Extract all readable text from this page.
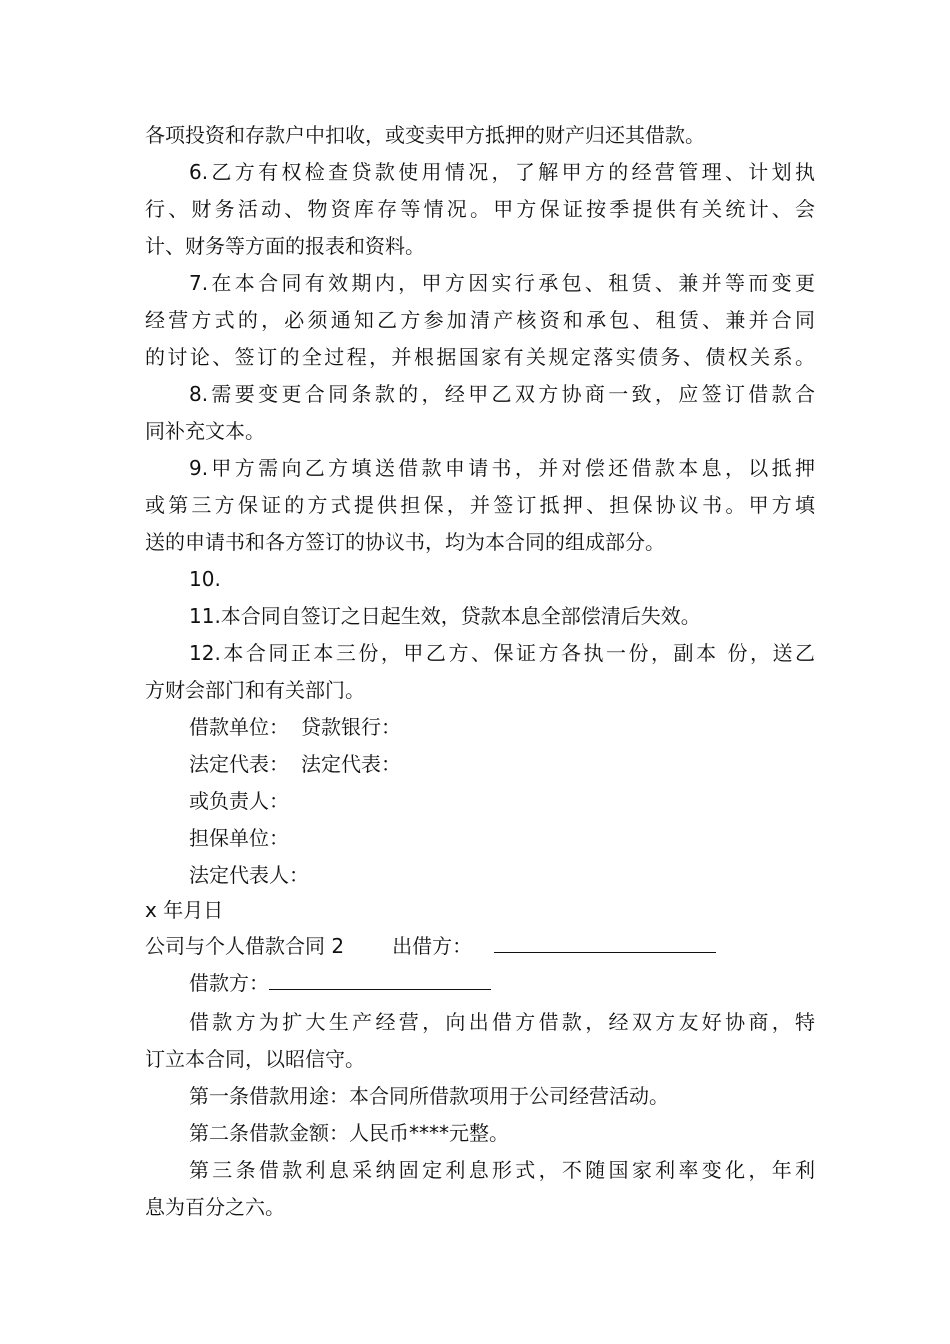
各项投资和存款户中扣收，或变卖甲方抵押的财产归还其借款。
6.乙方有权检查贷款使用情况，了解甲方的经营管理、计划执
行、财务活动、物资库存等情况。甲方保证按季提供有关统计、会
计、财务等方面的报表和资料。
7.在本合同有效期内，甲方因实行承包、租赁、兼并等而变更
经营方式的，必须通知乙方参加清产核资和承包、租赁、兼并合同
的讨论、签订的全过程，并根据国家有关规定落实债务、债权关系。
8.需要变更合同条款的，经甲乙双方协商一致，应签订借款合
同补充文本。
9.甲方需向乙方填送借款申请书，并对偿还借款本息，以抵押
或第三方保证的方式提供担保，并签订抵押、担保协议书。甲方填
送的申请书和各方签订的协议书，均为本合同的组成部分。
10.
11.本合同自签订之日起生效，贷款本息全部偿清后失效。
12.本合同正本三份，甲乙方、保证方各执一份，副本 份，送乙
方财会部门和有关部门。
借款单位： 贷款银行：
法定代表： 法定代表：
或负责人：
担保单位：
法定代表人：
x 年月日
公司与个人借款合同 2 出借方：
借款方：
借款方为扩大生产经营，向出借方借款，经双方友好协商，特
订立本合同，以昭信守。
第一条借款用途：本合同所借款项用于公司经营活动。
第二条借款金额：人民币****元整。
第三条借款利息采纳固定利息形式，不随国家利率变化，年利
息为百分之六。
